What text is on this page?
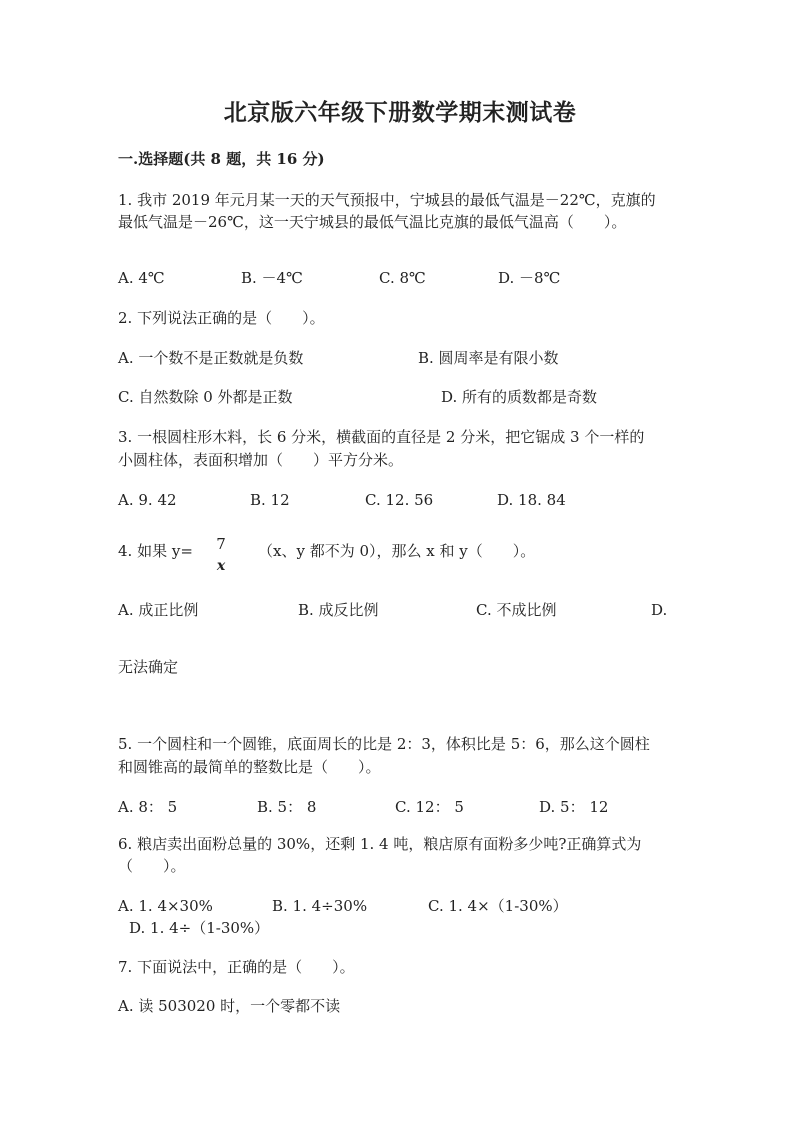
北京版六年级下册数学期末测试卷
一.选择题(共 8 题，共 16 分)
1. 我市 2019 年元月某一天的天气预报中，宁城县的最低气温是－22℃，克旗的
最低气温是－26℃，这一天宁城县的最低气温比克旗的最低气温高（　　）。
A. 4℃	B. －4℃	C. 8℃	D. －8℃
2. 下列说法正确的是（　　）。
A. 一个数不是正数就是负数	B. 圆周率是有限小数
C. 自然数除 0 外都是正数	D. 所有的质数都是奇数
3. 一根圆柱形木料，长 6 分米，横截面的直径是 2 分米，把它锯成 3 个一样的
小圆柱体，表面积增加（　　）平方分米。
A. 9. 42	B. 12	C. 12. 56	D. 18. 84
4. 如果 y= 7
x
（x、y 都不为 0），那么 x 和 y（　　）。
A. 成正比例	B. 成反比例	C. 不成比例	D.
无法确定
5. 一个圆柱和一个圆锥，底面周长的比是 2：3，体积比是 5：6，那么这个圆柱
和圆锥高的最简单的整数比是（　　）。
A. 8： 5	B. 5： 8	C. 12： 5	D. 5： 12
6. 粮店卖出面粉总量的 30%，还剩 1. 4 吨，粮店原有面粉多少吨?正确算式为
（　　）。
A. 1. 4×30%	B. 1. 4÷30%	C. 1. 4×（1-30%）
D. 1. 4÷（1-30%）
7. 下面说法中，正确的是（　　）。
A. 读 503020 时，一个零都不读
